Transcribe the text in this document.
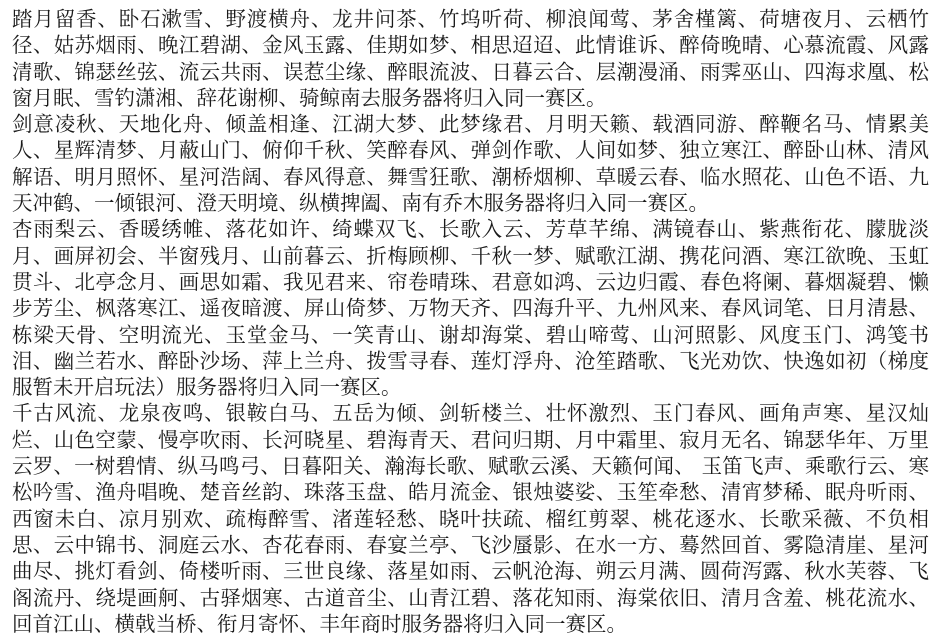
踏月留香、卧石漱雪、野渡横舟、龙井问茶、竹坞听荷、柳浪闻莺、茅舍槿篱、荷塘夜月、云栖竹径、姑苏烟雨、晚江碧湖、金风玉露、佳期如梦、相思迢迢、此情谁诉、醉倚晚晴、心慕流霞、风露清歌、锦瑟丝弦、流云共雨、误惹尘缘、醉眼流波、日暮云合、层潮漫涌、雨霁巫山、四海求凰、松窗月眠、雪钓潇湘、辞花谢柳、骑鲸南去服务器将归入同一赛区。

剑意凌秋、天地化舟、倾盖相逢、江湖大梦、此梦缘君、月明天籁、载酒同游、醉鞭名马、情累美人、星辉清梦、月蔽山门、俯仰千秋、笑醉春风、弹剑作歌、人间如梦、独立寒江、醉卧山林、清风解语、明月照怀、星河浩阔、春风得意、舞雪狂歌、潮桥烟柳、草暖云春、临水照花、山色不语、九天冲鹤、一倾银河、澄天明境、纵横捭阖、南有乔木服务器将归入同一赛区。

杏雨梨云、香暖绣帷、落花如许、绮蝶双飞、长歌入云、芳草芊绵、满镜春山、紫燕衔花、朦胧淡月、画屏初会、半窗残月、山前暮云、折梅顾柳、千秋一梦、赋歌江湖、携花问酒、寒江欲晚、玉虹贯斗、北亭念月、画思如霜、我见君来、帘卷晴珠、君意如鸿、云边归霞、春色将阑、暮烟凝碧、懒步芳尘、枫落寒江、遥夜暗渡、屏山倚梦、万物天齐、四海升平、九州风来、春风词笔、日月清悬、栋梁天骨、空明流光、玉堂金马、一笑青山、谢却海棠、碧山啼莺、山河照影、风度玉门、鸿笺书泪、幽兰若水、醉卧沙场、萍上兰舟、拨雪寻春、莲灯浮舟、沧笙踏歌、飞光劝饮、快逸如初（梯度服暂未开启玩法）服务器将归入同一赛区。

千古风流、龙泉夜鸣、银鞍白马、五岳为倾、剑斩楼兰、壮怀激烈、玉门春风、画角声寒、星汉灿烂、山色空蒙、慢亭吹雨、长河晓星、碧海青天、君问归期、月中霜里、寂月无名、锦瑟华年、万里云罗、一树碧情、纵马鸣弓、日暮阳关、瀚海长歌、赋歌云溪、天籁何闻、 玉笛飞声、乘歌行云、寒松吟雪、渔舟唱晚、楚音丝韵、珠落玉盘、皓月流金、银烛婆娑、玉笙牵愁、清宵梦稀、眠舟听雨、西窗未白、凉月别欢、疏梅醉雪、渚莲轻愁、晓叶扶疏、榴红剪翠、桃花逐水、长歌采薇、不负相思、云中锦书、洞庭云水、杏花春雨、春宴兰亭、飞沙蜃影、在水一方、蓦然回首、雾隐清崖、星河曲尽、挑灯看剑、倚楼听雨、三世良缘、落星如雨、云帆沧海、朔云月满、圆荷泻露、秋水芙蓉、飞阁流丹、绕堤画舸、古驿烟寒、古道音尘、山青江碧、落花知雨、海棠依旧、清月含羞、桃花流水、回首江山、横戟当桥、衔月寄怀、丰年商时服务器将归入同一赛区。
